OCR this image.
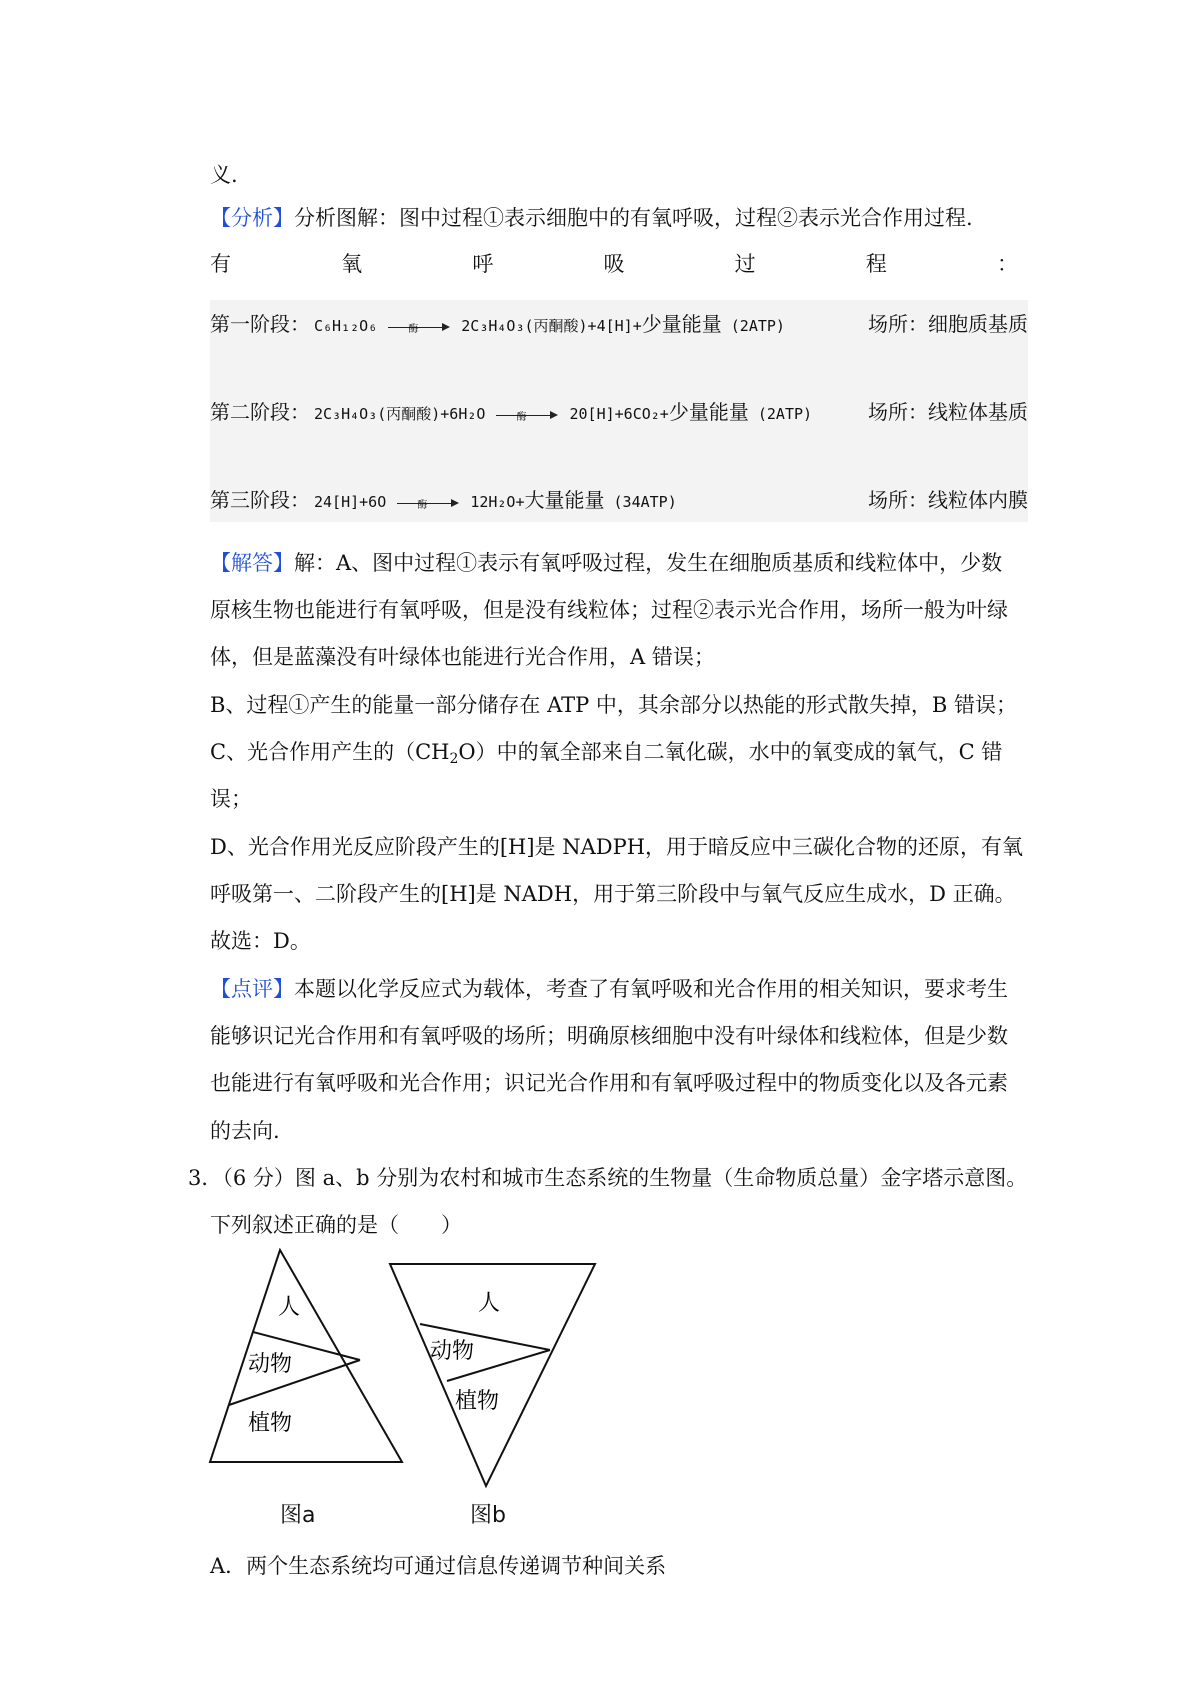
义.
【分析】分析图解：图中过程①表示细胞中的有氧呼吸，过程②表示光合作用过程.
有	氧	呼	吸	过	程	：
第一阶段： C₆H₁₂O₆	酶	2C₃H₄O₃(丙酮酸)+4[H]+少量能量 (2ATP)	场所：细胞质基质
第二阶段： 2C₃H₄O₃(丙酮酸)+6H₂O	酶	20[H]+6CO₂+少量能量 (2ATP)	场所：线粒体基质
第三阶段： 24[H]+6O	酶	12H₂O+大量能量 (34ATP)	场所：线粒体内膜
【解答】解：A、图中过程①表示有氧呼吸过程，发生在细胞质基质和线粒体中，少数
原核生物也能进行有氧呼吸，但是没有线粒体；过程②表示光合作用，场所一般为叶绿
体，但是蓝藻没有叶绿体也能进行光合作用，A 错误；
B、过程①产生的能量一部分储存在 ATP 中，其余部分以热能的形式散失掉，B 错误；
C、光合作用产生的$(CH_2O)$中的氧全部来自二氧化碳，水中的氧变成的氧气，C 错
误；
D、光合作用光反应阶段产生的[H]是 NADPH，用于暗反应中三碳化合物的还原，有氧
呼吸第一、二阶段产生的[H]是 NADH，用于第三阶段中与氧气反应生成水，D 正确。
故选：D。
【点评】本题以化学反应式为载体，考查了有氧呼吸和光合作用的相关知识，要求考生
能够识记光合作用和有氧呼吸的场所；明确原核细胞中没有叶绿体和线粒体，但是少数
也能进行有氧呼吸和光合作用；识记光合作用和有氧呼吸过程中的物质变化以及各元素
的去向.
3．（6 分）图 a、b 分别为农村和城市生态系统的生物量（生命物质总量）金字塔示意图。
下列叙述正确的是（　　）
人
动物
植物
人
动物
植物
图a	图b
A．两个生态系统均可通过信息传递调节种间关系
